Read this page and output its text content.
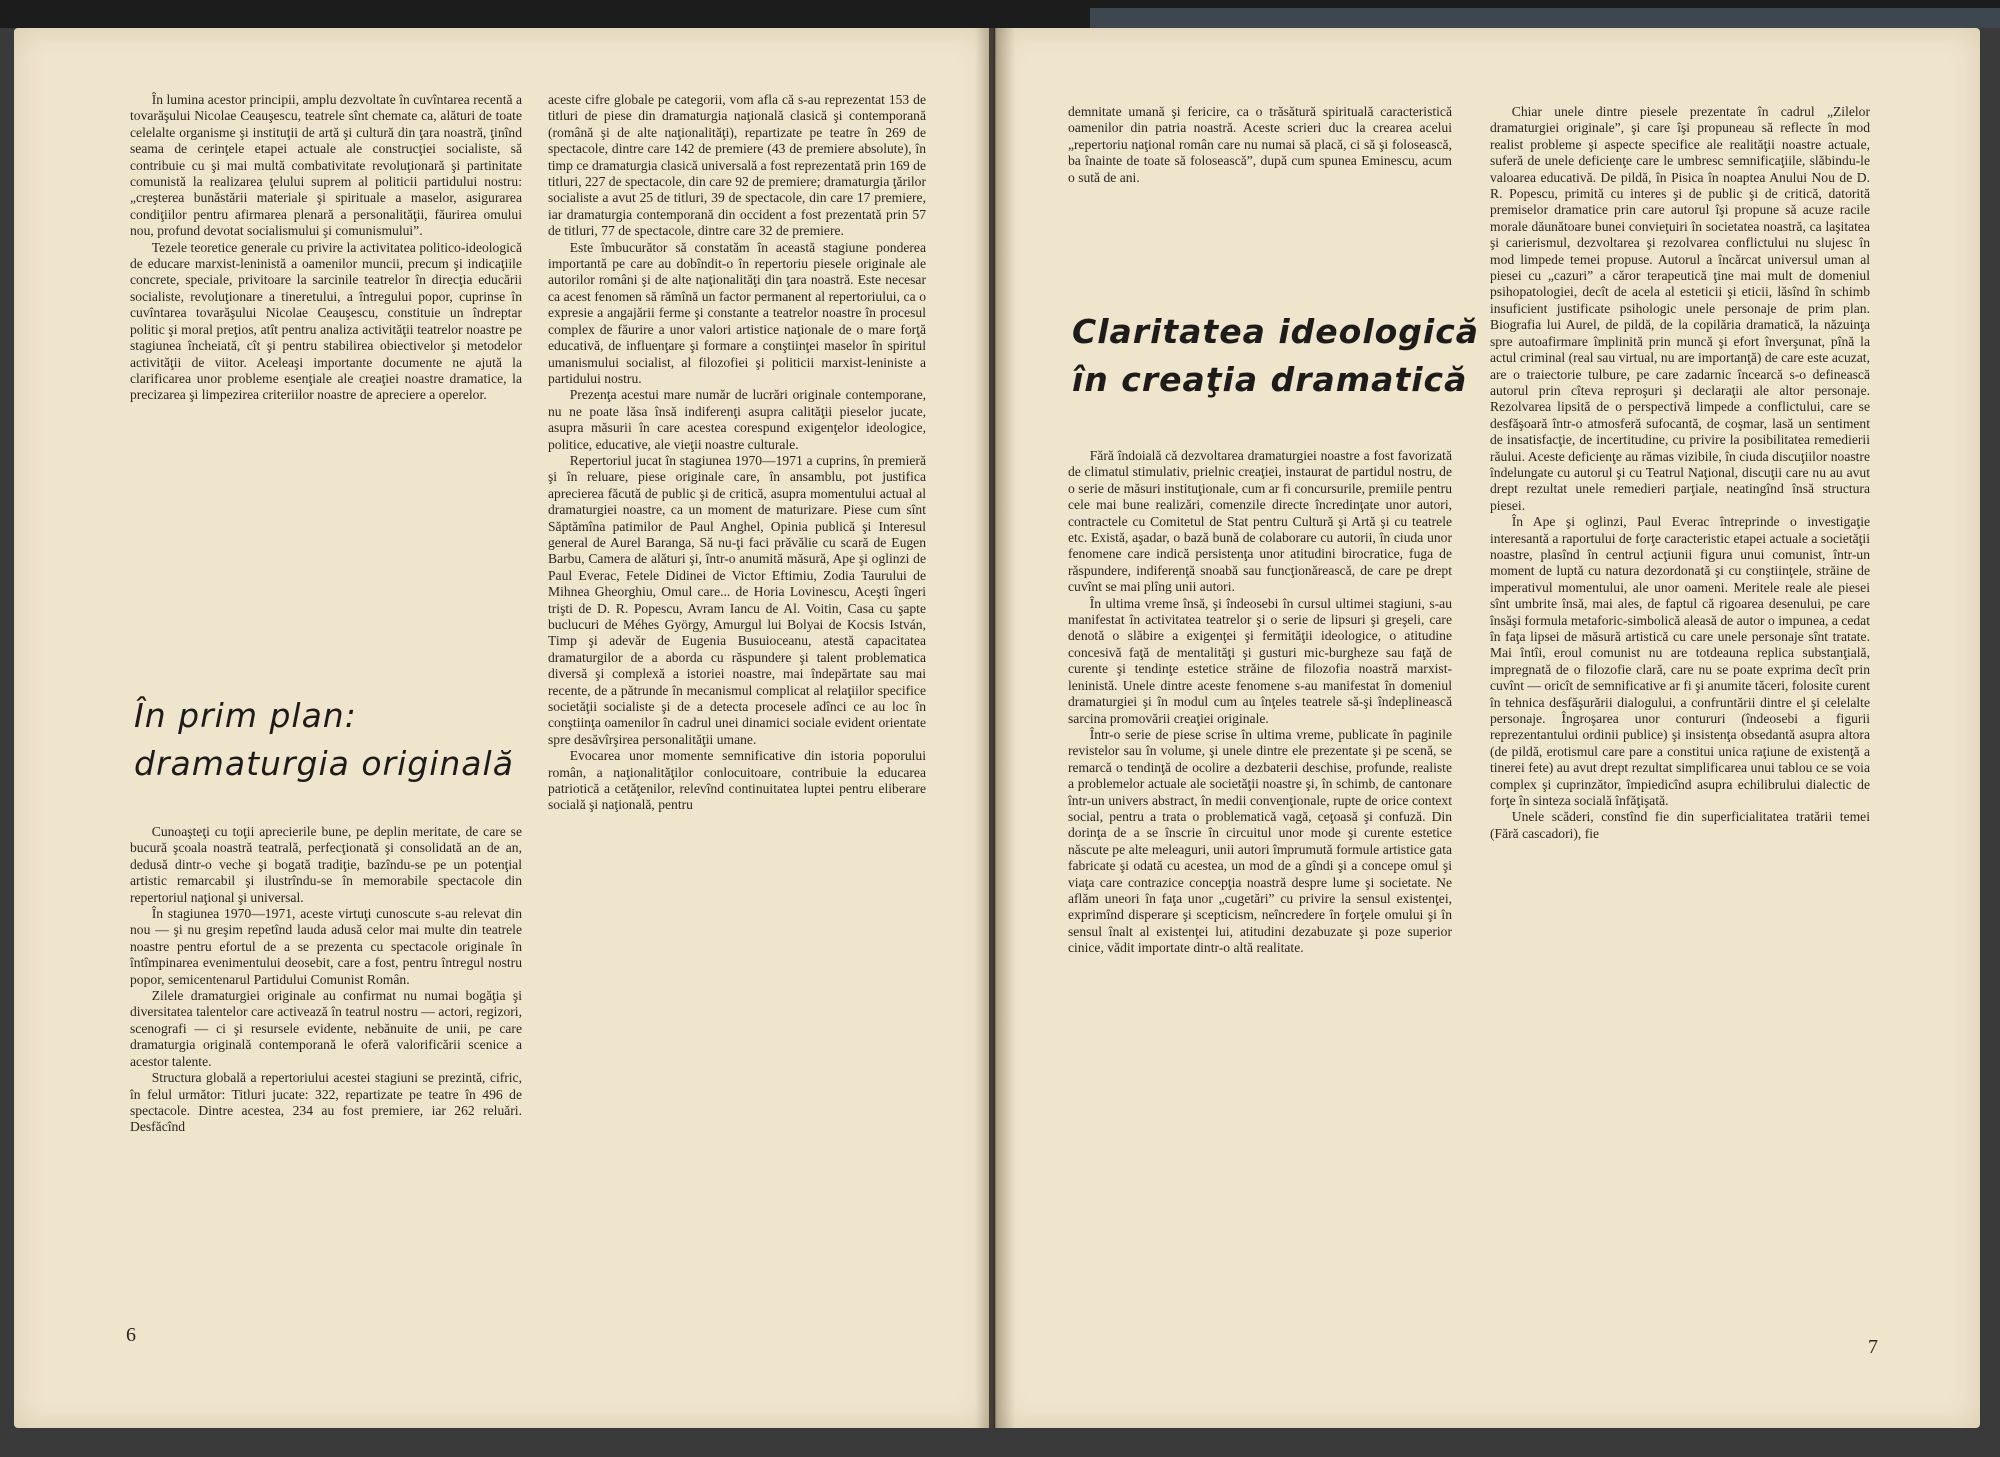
În lumina acestor principii, amplu dezvoltate în cuvîntarea recentă a tovarăşului Nicolae Ceauşescu, teatrele sînt chemate ca, alături de toate celelalte organisme şi instituţii de artă şi cultură din ţara noastră, ţinînd seama de cerinţele etapei actuale ale construcţiei socialiste, să contribuie cu şi mai multă combativitate revoluţionară şi partinitate comunistă la realizarea ţelului suprem al politicii partidului nostru: „creşterea bunăstării materiale şi spirituale a maselor, asigurarea condiţiilor pentru afirmarea plenară a personalităţii, făurirea omului nou, profund devotat socialismului şi comunismului”.

Tezele teoretice generale cu privire la activitatea politico-ideologică de educare marxist-leninistă a oamenilor muncii, precum şi indicaţiile concrete, speciale, privitoare la sarcinile teatrelor în direcţia educării socialiste, revoluţionare a tineretului, a întregului popor, cuprinse în cuvîntarea tovarăşului Nicolae Ceauşescu, constituie un îndreptar politic şi moral preţios, atît pentru analiza activităţii teatrelor noastre pe stagiunea încheiată, cît şi pentru stabilirea obiectivelor şi metodelor activităţii de viitor. Aceleaşi importante documente ne ajută la clarificarea unor probleme esenţiale ale creaţiei noastre dramatice, la precizarea şi limpezirea criteriilor noastre de apreciere a operelor.

În prim plan:
dramaturgia originală

Cunoaşteţi cu toţii aprecierile bune, pe deplin meritate, de care se bucură şcoala noastră teatrală, perfecţionată şi consolidată an de an, dedusă dintr-o veche şi bogată tradiţie, bazîndu-se pe un potenţial artistic remarcabil şi ilustrîndu-se în memorabile spectacole din repertoriul naţional şi universal.

În stagiunea 1970—1971, aceste virtuţi cunoscute s-au relevat din nou — şi nu greşim repetînd lauda adusă celor mai multe din teatrele noastre pentru efortul de a se prezenta cu spectacole originale în întîmpinarea evenimentului deosebit, care a fost, pentru întregul nostru popor, semicentenarul Partidului Comunist Român.

Zilele dramaturgiei originale au confirmat nu numai bogăţia şi diversitatea talentelor care activează în teatrul nostru — actori, regizori, scenografi — ci şi resursele evidente, nebănuite de unii, pe care dramaturgia originală contemporană le oferă valorificării scenice a acestor talente.

Structura globală a repertoriului acestei stagiuni se prezintă, cifric, în felul următor: Titluri jucate: 322, repartizate pe teatre în 496 de spectacole. Dintre acestea, 234 au fost premiere, iar 262 reluări. Desfăcînd

aceste cifre globale pe categorii, vom afla că s-au reprezentat 153 de titluri de piese din dramaturgia naţională clasică şi contemporană (română şi de alte naţionalităţi), repartizate pe teatre în 269 de spectacole, dintre care 142 de premiere (43 de premiere absolute), în timp ce dramaturgia clasică universală a fost reprezentată prin 169 de titluri, 227 de spectacole, din care 92 de premiere; dramaturgia ţărilor socialiste a avut 25 de titluri, 39 de spectacole, din care 17 premiere, iar dramaturgia contemporană din occident a fost prezentată prin 57 de titluri, 77 de spectacole, dintre care 32 de premiere.

Este îmbucurător să constatăm în această stagiune ponderea importantă pe care au dobîndit-o în repertoriu piesele originale ale autorilor români şi de alte naţionalităţi din ţara noastră. Este necesar ca acest fenomen să rămînă un factor permanent al repertoriului, ca o expresie a angajării ferme şi constante a teatrelor noastre în procesul complex de făurire a unor valori artistice naţionale de o mare forţă educativă, de influenţare şi formare a conştiinţei maselor în spiritul umanismului socialist, al filozofiei şi politicii marxist-leniniste a partidului nostru.

Prezenţa acestui mare număr de lucrări originale contemporane, nu ne poate lăsa însă indiferenţi asupra calităţii pieselor jucate, asupra măsurii în care acestea corespund exigenţelor ideologice, politice, educative, ale vieţii noastre culturale.

Repertoriul jucat în stagiunea 1970—1971 a cuprins, în premieră şi în reluare, piese originale care, în ansamblu, pot justifica aprecierea făcută de public şi de critică, asupra momentului actual al dramaturgiei noastre, ca un moment de maturizare. Piese cum sînt Săptămîna patimilor de Paul Anghel, Opinia publică şi Interesul general de Aurel Baranga, Să nu-ţi faci prăvălie cu scară de Eugen Barbu, Camera de alături şi, într-o anumită măsură, Ape şi oglinzi de Paul Everac, Fetele Didinei de Victor Eftimiu, Zodia Taurului de Mihnea Gheorghiu, Omul care... de Horia Lovinescu, Aceşti îngeri trişti de D. R. Popescu, Avram Iancu de Al. Voitin, Casa cu şapte buclucuri de Méhes György, Amurgul lui Bolyai de Kocsis István, Timp şi adevăr de Eugenia Busuioceanu, atestă capacitatea dramaturgilor de a aborda cu răspundere şi talent problematica diversă şi complexă a istoriei noastre, mai îndepărtate sau mai recente, de a pătrunde în mecanismul complicat al relaţiilor specifice societăţii socialiste şi de a detecta procesele adînci ce au loc în conştiinţa oamenilor în cadrul unei dinamici sociale evident orientate spre desăvîrşirea personalităţii umane.

Evocarea unor momente semnificative din istoria poporului român, a naţionalităţilor conlocuitoare, contribuie la educarea patriotică a cetăţenilor, relevînd continuitatea luptei pentru eliberare socială şi naţională, pentru

6

demnitate umană şi fericire, ca o trăsătură spirituală caracteristică oamenilor din patria noastră. Aceste scrieri duc la crearea acelui „repertoriu naţional român care nu numai să placă, ci să şi folosească, ba înainte de toate să folosească”, după cum spunea Eminescu, acum o sută de ani.

Claritatea ideologică
în creaţia dramatică

Fără îndoială că dezvoltarea dramaturgiei noastre a fost favorizată de climatul stimulativ, prielnic creaţiei, instaurat de partidul nostru, de o serie de măsuri instituţionale, cum ar fi concursurile, premiile pentru cele mai bune realizări, comenzile directe încredinţate unor autori, contractele cu Comitetul de Stat pentru Cultură şi Artă şi cu teatrele etc. Există, aşadar, o bază bună de colaborare cu autorii, în ciuda unor fenomene care indică persistenţa unor atitudini birocratice, fuga de răspundere, indiferenţă snoabă sau funcţionărească, de care pe drept cuvînt se mai plîng unii autori.

În ultima vreme însă, şi îndeosebi în cursul ultimei stagiuni, s-au manifestat în activitatea teatrelor şi o serie de lipsuri şi greşeli, care denotă o slăbire a exigenţei şi fermităţii ideologice, o atitudine concesivă faţă de mentalităţi şi gusturi mic-burgheze sau faţă de curente şi tendinţe estetice străine de filozofia noastră marxist-leninistă. Unele dintre aceste fenomene s-au manifestat în domeniul dramaturgiei şi în modul cum au înţeles teatrele să-şi îndeplinească sarcina promovării creaţiei originale.

Într-o serie de piese scrise în ultima vreme, publicate în paginile revistelor sau în volume, şi unele dintre ele prezentate şi pe scenă, se remarcă o tendinţă de ocolire a dezbaterii deschise, profunde, realiste a problemelor actuale ale societăţii noastre şi, în schimb, de cantonare într-un univers abstract, în medii convenţionale, rupte de orice context social, pentru a trata o problematică vagă, ceţoasă şi confuză. Din dorinţa de a se înscrie în circuitul unor mode şi curente estetice născute pe alte meleaguri, unii autori împrumută formule artistice gata fabricate şi odată cu acestea, un mod de a gîndi şi a concepe omul şi viaţa care contrazice concepţia noastră despre lume şi societate. Ne aflăm uneori în faţa unor „cugetări” cu privire la sensul existenţei, exprimînd disperare şi scepticism, neîncredere în forţele omului şi în sensul înalt al existenţei lui, atitudini dezabuzate şi poze superior cinice, vădit importate dintr-o altă realitate.

Chiar unele dintre piesele prezentate în cadrul „Zilelor dramaturgiei originale”, şi care îşi propuneau să reflecte în mod realist probleme şi aspecte specifice ale realităţii noastre actuale, suferă de unele deficienţe care le umbresc semnificaţiile, slăbindu-le valoarea educativă. De pildă, în Pisica în noaptea Anului Nou de D. R. Popescu, primită cu interes şi de public şi de critică, datorită premiselor dramatice prin care autorul îşi propune să acuze racile morale dăunătoare bunei convieţuiri în societatea noastră, ca laşitatea şi carierismul, dezvoltarea şi rezolvarea conflictului nu slujesc în mod limpede temei propuse. Autorul a încărcat universul uman al piesei cu „cazuri” a căror terapeutică ţine mai mult de domeniul psihopatologiei, decît de acela al esteticii şi eticii, lăsînd în schimb insuficient justificate psihologic unele personaje de prim plan. Biografia lui Aurel, de pildă, de la copilăria dramatică, la năzuinţa spre autoafirmare împlinită prin muncă şi efort înverşunat, pînă la actul criminal (real sau virtual, nu are importanţă) de care este acuzat, are o traiectorie tulbure, pe care zadarnic încearcă s-o definească autorul prin cîteva reproşuri şi declaraţii ale altor personaje. Rezolvarea lipsită de o perspectivă limpede a conflictului, care se desfăşoară într-o atmosferă sufocantă, de coşmar, lasă un sentiment de insatisfacţie, de incertitudine, cu privire la posibilitatea remedierii răului. Aceste deficienţe au rămas vizibile, în ciuda discuţiilor noastre îndelungate cu autorul şi cu Teatrul Naţional, discuţii care nu au avut drept rezultat unele remedieri parţiale, neatingînd însă structura piesei.

În Ape şi oglinzi, Paul Everac întreprinde o investigaţie interesantă a raportului de forţe caracteristic etapei actuale a societăţii noastre, plasînd în centrul acţiunii figura unui comunist, într-un moment de luptă cu natura dezordonată şi cu conştiinţele, străine de imperativul momentului, ale unor oameni. Meritele reale ale piesei sînt umbrite însă, mai ales, de faptul că rigoarea desenului, pe care însăşi formula metaforic-simbolică aleasă de autor o impunea, a cedat în faţa lipsei de măsură artistică cu care unele personaje sînt tratate. Mai întîi, eroul comunist nu are totdeauna replica substanţială, impregnată de o filozofie clară, care nu se poate exprima decît prin cuvînt — oricît de semnificative ar fi şi anumite tăceri, folosite curent în tehnica desfăşurării dialogului, a confruntării dintre el şi celelalte personaje. Îngroşarea unor contururi (îndeosebi a figurii reprezentantului ordinii publice) şi insistenţa obsedantă asupra altora (de pildă, erotismul care pare a constitui unica raţiune de existenţă a tinerei fete) au avut drept rezultat simplificarea unui tablou ce se voia complex şi cuprinzător, împiedicînd asupra echilibrului dialectic de forţe în sinteza socială înfăţişată.

Unele scăderi, constînd fie din superficialitatea tratării temei (Fără cascadori), fie

7
